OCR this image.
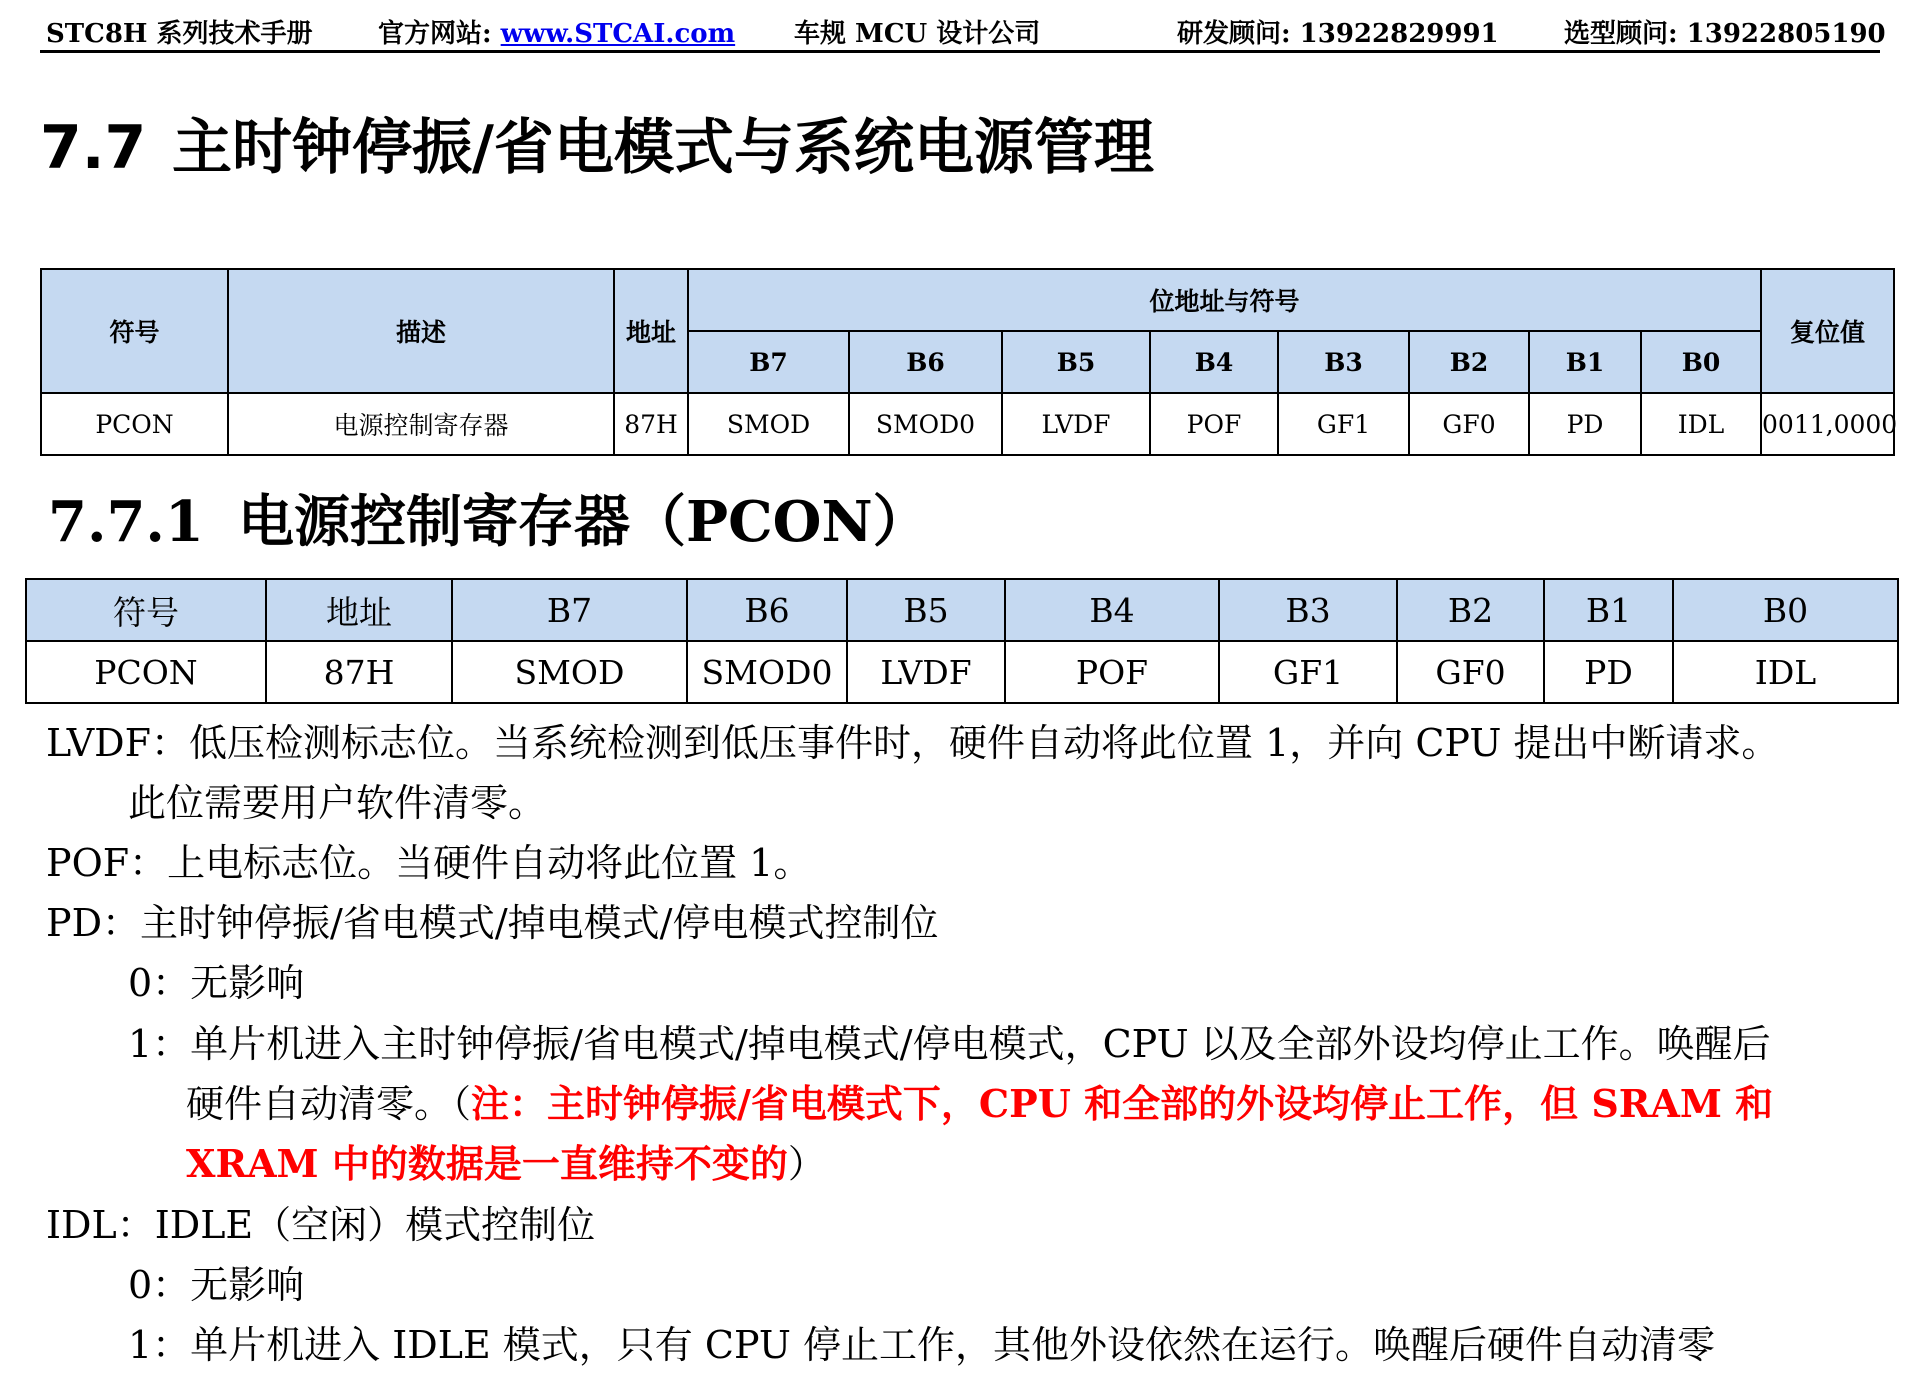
STC8H 系列技术手册	官方网站: www.STCAI.com 车规 MCU 设计公司	研发顾问: 13922829991	选型顾问: 13922805190
7.7 主时钟停振/省电模式与系统电源管理
符号	描述	地址	位地址与符号								复位值
			B7	B6	B5	B4	B3	B2	B1	B0	
PCON	电源控制寄存器	87H	SMOD	SMOD0	LVDF	POF	GF1	GF0	PD	IDL	0011,0000
7.7.1 电源控制寄存器（PCON）
符号	地址	B7	B6	B5	B4	B3	B2	B1	B0
PCON	87H	SMOD	SMOD0	LVDF	POF	GF1	GF0	PD	IDL
LVDF：低压检测标志位。当系统检测到低压事件时，硬件自动将此位置 1，并向 CPU 提出中断请求。
此位需要用户软件清零。
POF：上电标志位。当硬件自动将此位置 1。
PD：主时钟停振/省电模式/掉电模式/停电模式控制位
0：无影响
1：单片机进入主时钟停振/省电模式/掉电模式/停电模式，CPU 以及全部外设均停止工作。唤醒后
硬件自动清零。（注：主时钟停振/省电模式下，CPU 和全部的外设均停止工作，但 SRAM 和
XRAM 中的数据是一直维持不变的）
IDL：IDLE（空闲）模式控制位
0：无影响
1：单片机进入 IDLE 模式，只有 CPU 停止工作，其他外设依然在运行。唤醒后硬件自动清零
